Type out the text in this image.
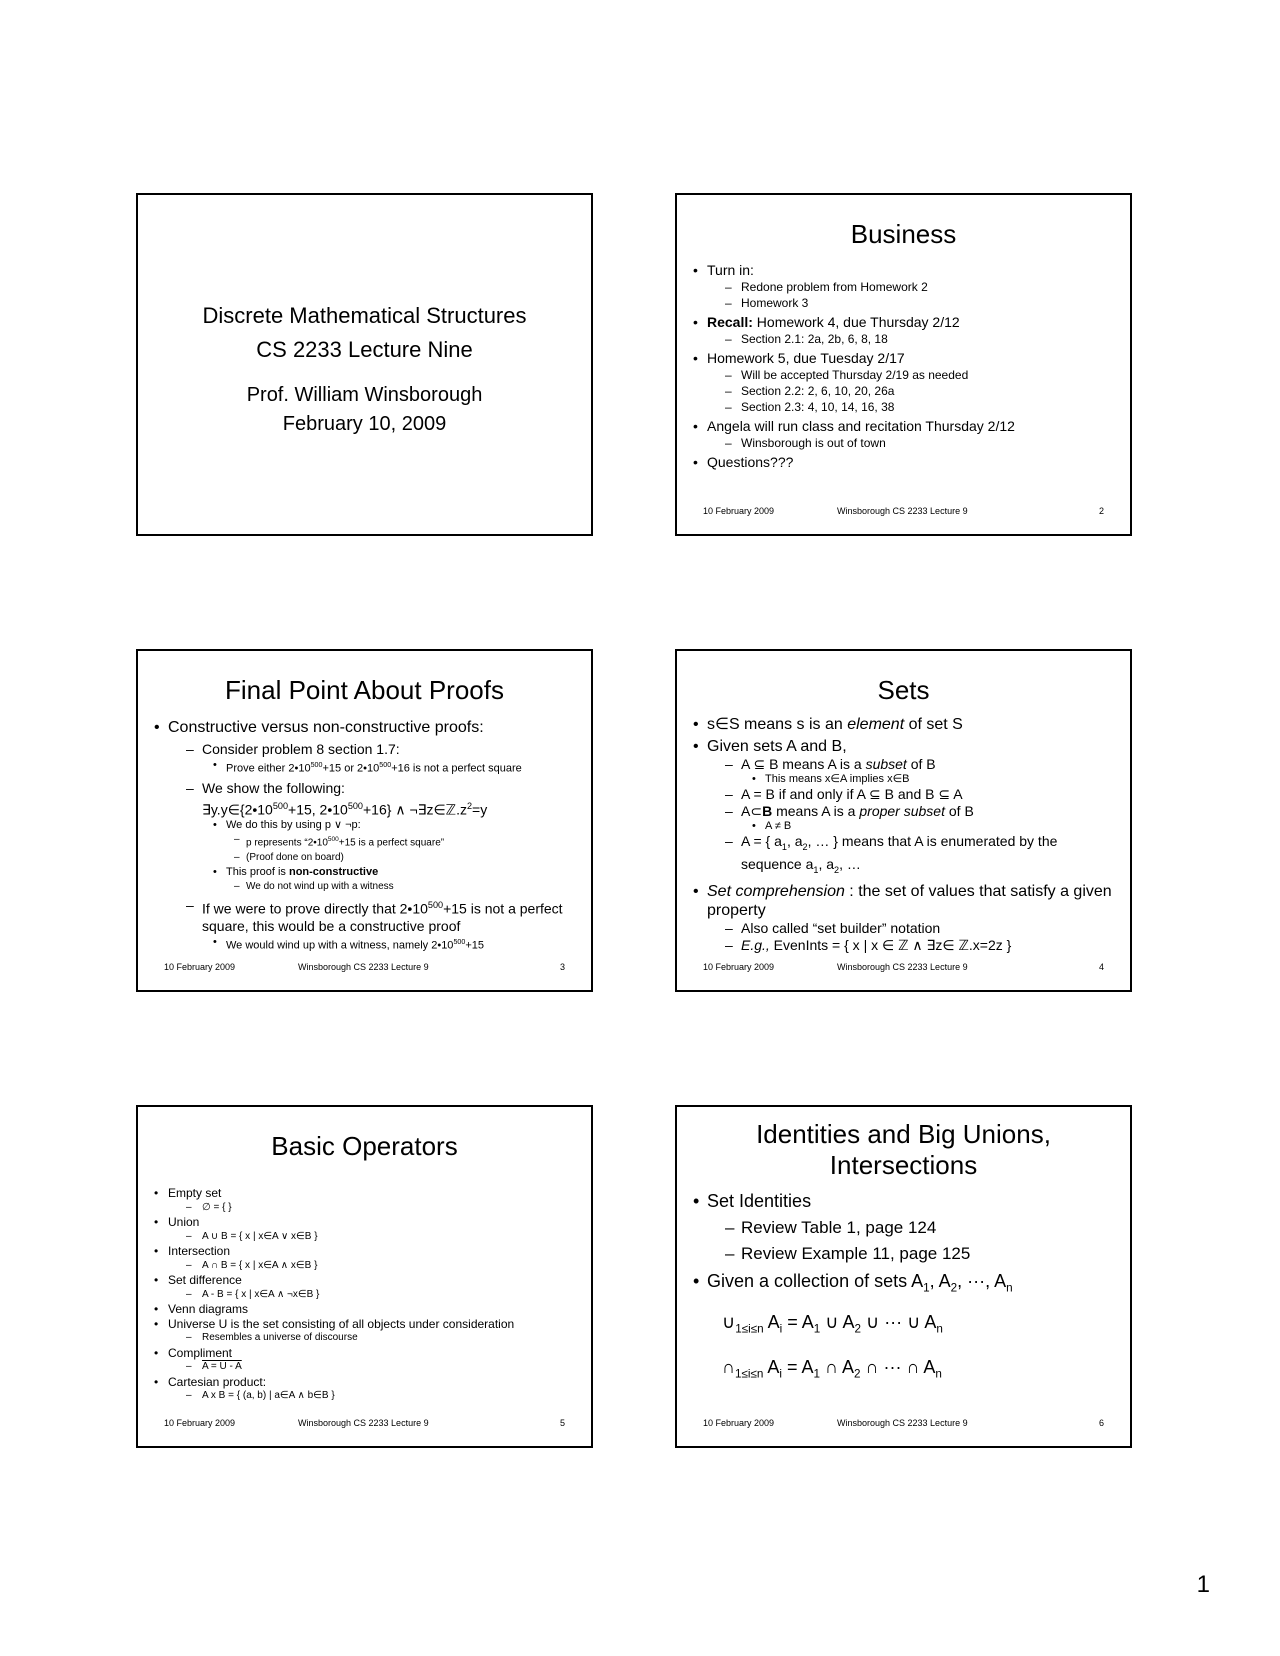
Discrete Mathematical Structures
CS 2233 Lecture Nine
Prof. William Winsborough
February 10, 2009
Business
• Turn in:
– Redone problem from Homework 2
– Homework 3
• Recall: Homework 4, due Thursday 2/12
– Section 2.1: 2a, 2b, 6, 8, 18
• Homework 5, due Tuesday 2/17
– Will be accepted Thursday 2/19 as needed
– Section 2.2: 2, 6, 10, 20, 26a
– Section 2.3: 4, 10, 14, 16, 38
• Angela will run class and recitation Thursday 2/12
– Winsborough is out of town
• Questions???
10 February 2009	Winsborough CS 2233 Lecture 9	2
Final Point About Proofs
• Constructive versus non-constructive proofs:
– Consider problem 8 section 1.7:
• Prove either $2•10^{500}+15$ or $2•10^{500}+16$ is not a perfect square
– We show the following:
$\exists y.y\in\{2•10^{500}+15$, $2•10^{500}+16$} ∧ $\neg\exists z\in ℤ.z^2=y$
• We do this by using p ∨ ¬p:
– p represents “$2•10^{500}+15$ is a perfect square”
– (Proof done on board)
• This proof is non-constructive
– We do not wind up with a witness
– If we were to prove directly that $2•10^{500}+15$ is not a perfect square, this would be a constructive proof
• We would wind up with a witness, namely $2•10^{500}+15$
10 February 2009	Winsborough CS 2233 Lecture 9	3
Sets
• s∈S means s is an element of set S
• Given sets A and B,
– A ⊆ B means A is a subset of B
• This means x∈A implies x∈B
– A = B if and only if A ⊆ B and B ⊆ A
– A⊂B means A is a proper subset of B
• A ≠ B
– A = { $a_1$, $a_2$, … } means that A is enumerated by the sequence $a_1$, $a_2$, …
• Set comprehension : the set of values that satisfy a given property
– Also called “set builder” notation
– E.g., EvenInts = { x | x ∈ ℤ ∧ ∃z∈ ℤ.x=2z }
10 February 2009	Winsborough CS 2233 Lecture 9	4
Basic Operators
• Empty set
– ∅ = { }
• Union
– A ∪ B = { x | x∈A ∨ x∈B }
• Intersection
– A ∩ B = { x | x∈A ∧ x∈B }
• Set difference
– A - B = { x | x∈A ∧ ¬x∈B }
• Venn diagrams
• Universe U is the set consisting of all objects under consideration
– Resembles a universe of discourse
• Compliment
– A = U - A
• Cartesian product:
– A x B = { (a, b) | a∈A ∧ b∈B }
10 February 2009	Winsborough CS 2233 Lecture 9	5
Identities and Big Unions,
Intersections
• Set Identities
– Review Table 1, page 124
– Review Example 11, page 125
• Given a collection of sets $A_1$, $A_2$, ···, $A_n$
$\cup_{1\le i\le n}$ $A_i = A_1$ ∪ $A_2$ ∪ ··· ∪ $A_n$
$\cap_{1\le i\le n}$ $A_i = A_1$ ∩ $A_2$ ∩ ··· ∩ $A_n$
10 February 2009	Winsborough CS 2233 Lecture 9	6
1
